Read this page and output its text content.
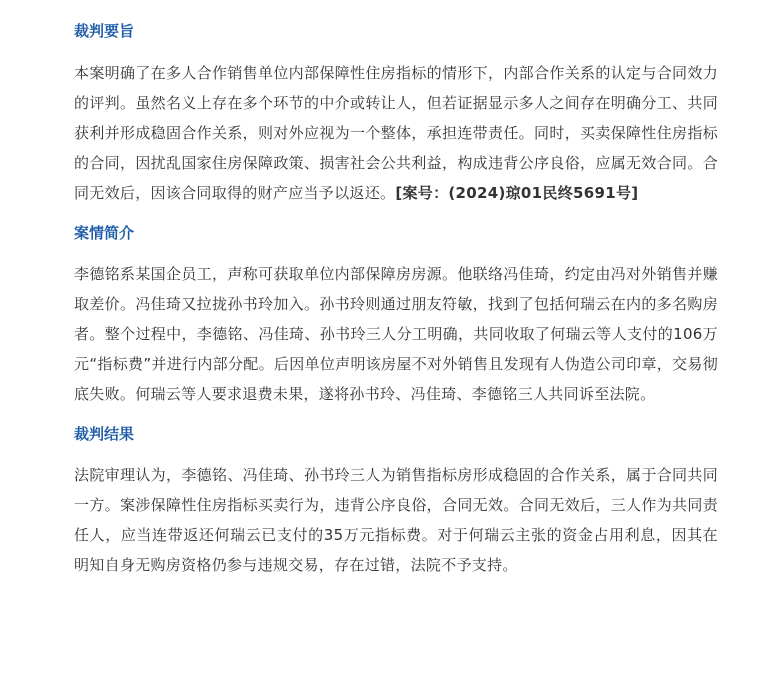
裁判要旨

本案明确了在多人合作销售单位内部保障性住房指标的情形下，内部合作关系的认定与合同效力的评判。虽然名义上存在多个环节的中介或转让人，但若证据显示多人之间存在明确分工、共同获利并形成稳固合作关系，则对外应视为一个整体，承担连带责任。同时，买卖保障性住房指标的合同，因扰乱国家住房保障政策、损害社会公共利益，构成违背公序良俗，应属无效合同。合同无效后，因该合同取得的财产应当予以返还。[案号：(2024)琼01民终5691号]

案情简介

李德铭系某国企员工，声称可获取单位内部保障房房源。他联络冯佳琦，约定由冯对外销售并赚取差价。冯佳琦又拉拢孙书玲加入。孙书玲则通过朋友符敏，找到了包括何瑞云在内的多名购房者。整个过程中，李德铭、冯佳琦、孙书玲三人分工明确，共同收取了何瑞云等人支付的106万元“指标费”并进行内部分配。后因单位声明该房屋不对外销售且发现有人伪造公司印章，交易彻底失败。何瑞云等人要求退费未果，遂将孙书玲、冯佳琦、李德铭三人共同诉至法院。

裁判结果

法院审理认为，李德铭、冯佳琦、孙书玲三人为销售指标房形成稳固的合作关系，属于合同共同一方。案涉保障性住房指标买卖行为，违背公序良俗，合同无效。合同无效后，三人作为共同责任人，应当连带返还何瑞云已支付的35万元指标费。对于何瑞云主张的资金占用利息，因其在明知自身无购房资格仍参与违规交易，存在过错，法院不予支持。
